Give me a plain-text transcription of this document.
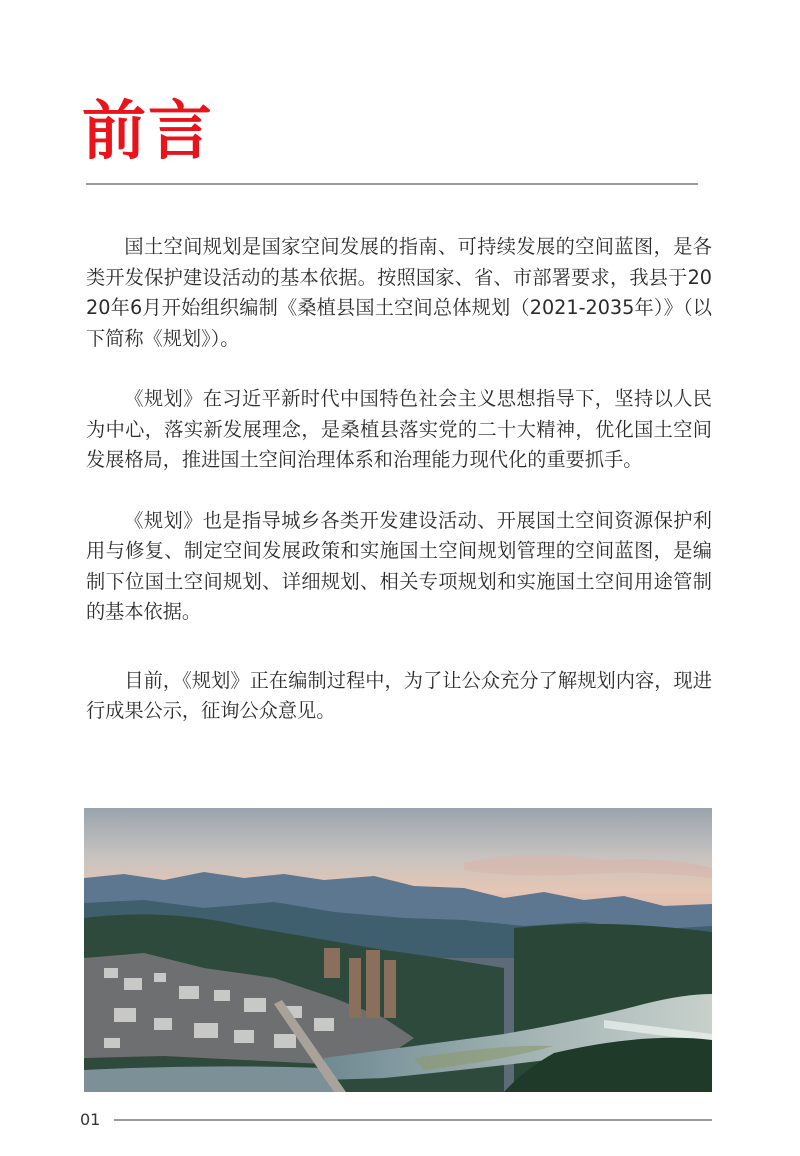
前言

国土空间规划是国家空间发展的指南、可持续发展的空间蓝图，是各类开发保护建设活动的基本依据。按照国家、省、市部署要求，我县于2020年6月开始组织编制《桑植县国土空间总体规划（2021-2035年）》（以下简称《规划》）。

《规划》在习近平新时代中国特色社会主义思想指导下，坚持以人民为中心，落实新发展理念，是桑植县落实党的二十大精神，优化国土空间发展格局，推进国土空间治理体系和治理能力现代化的重要抓手。

《规划》也是指导城乡各类开发建设活动、开展国土空间资源保护利用与修复、制定空间发展政策和实施国土空间规划管理的空间蓝图，是编制下位国土空间规划、详细规划、相关专项规划和实施国土空间用途管制的基本依据。

目前，《规划》正在编制过程中，为了让公众充分了解规划内容，现进行成果公示，征询公众意见。

01
